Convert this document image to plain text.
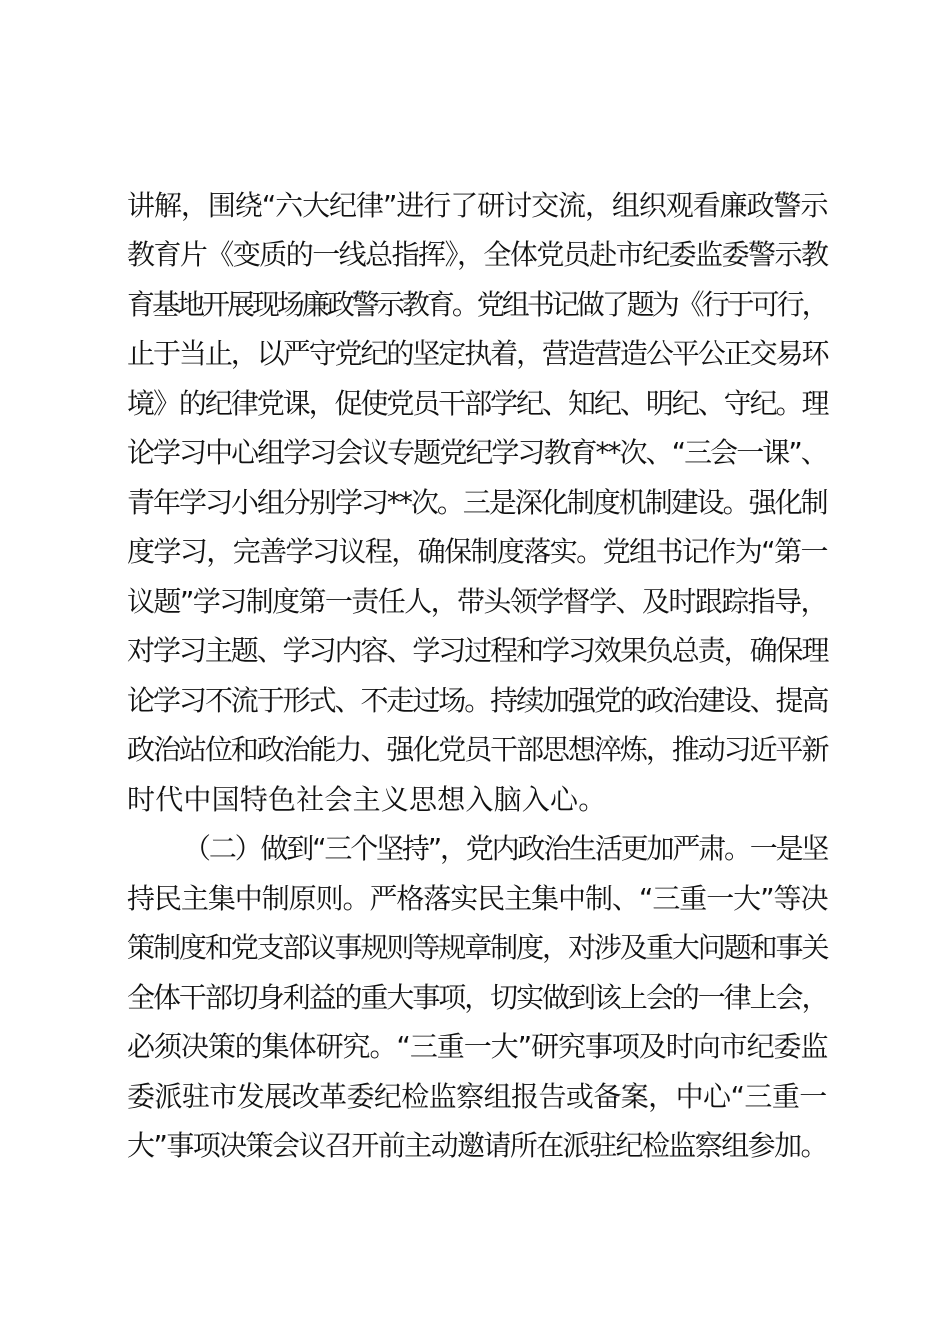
讲解，围绕“六大纪律”进行了研讨交流，组织观看廉政警示
教育片《变质的一线总指挥》，全体党员赴市纪委监委警示教
育基地开展现场廉政警示教育。党组书记做了题为《行于可行，
止于当止，以严守党纪的坚定执着，营造营造公平公正交易环
境》的纪律党课，促使党员干部学纪、知纪、明纪、守纪。理
论学习中心组学习会议专题党纪学习教育**次、“三会一课”、
青年学习小组分别学习**次。三是深化制度机制建设。强化制
度学习，完善学习议程，确保制度落实。党组书记作为“第一
议题”学习制度第一责任人，带头领学督学、及时跟踪指导，
对学习主题、学习内容、学习过程和学习效果负总责，确保理
论学习不流于形式、不走过场。持续加强党的政治建设、提高
政治站位和政治能力、强化党员干部思想淬炼，推动习近平新
时代中国特色社会主义思想入脑入心。
（二）做到“三个坚持”，党内政治生活更加严肃。一是坚
持民主集中制原则。严格落实民主集中制、“三重一大”等决
策制度和党支部议事规则等规章制度，对涉及重大问题和事关
全体干部切身利益的重大事项，切实做到该上会的一律上会，
必须决策的集体研究。“三重一大”研究事项及时向市纪委监
委派驻市发展改革委纪检监察组报告或备案，中心“三重一
大”事项决策会议召开前主动邀请所在派驻纪检监察组参加。
